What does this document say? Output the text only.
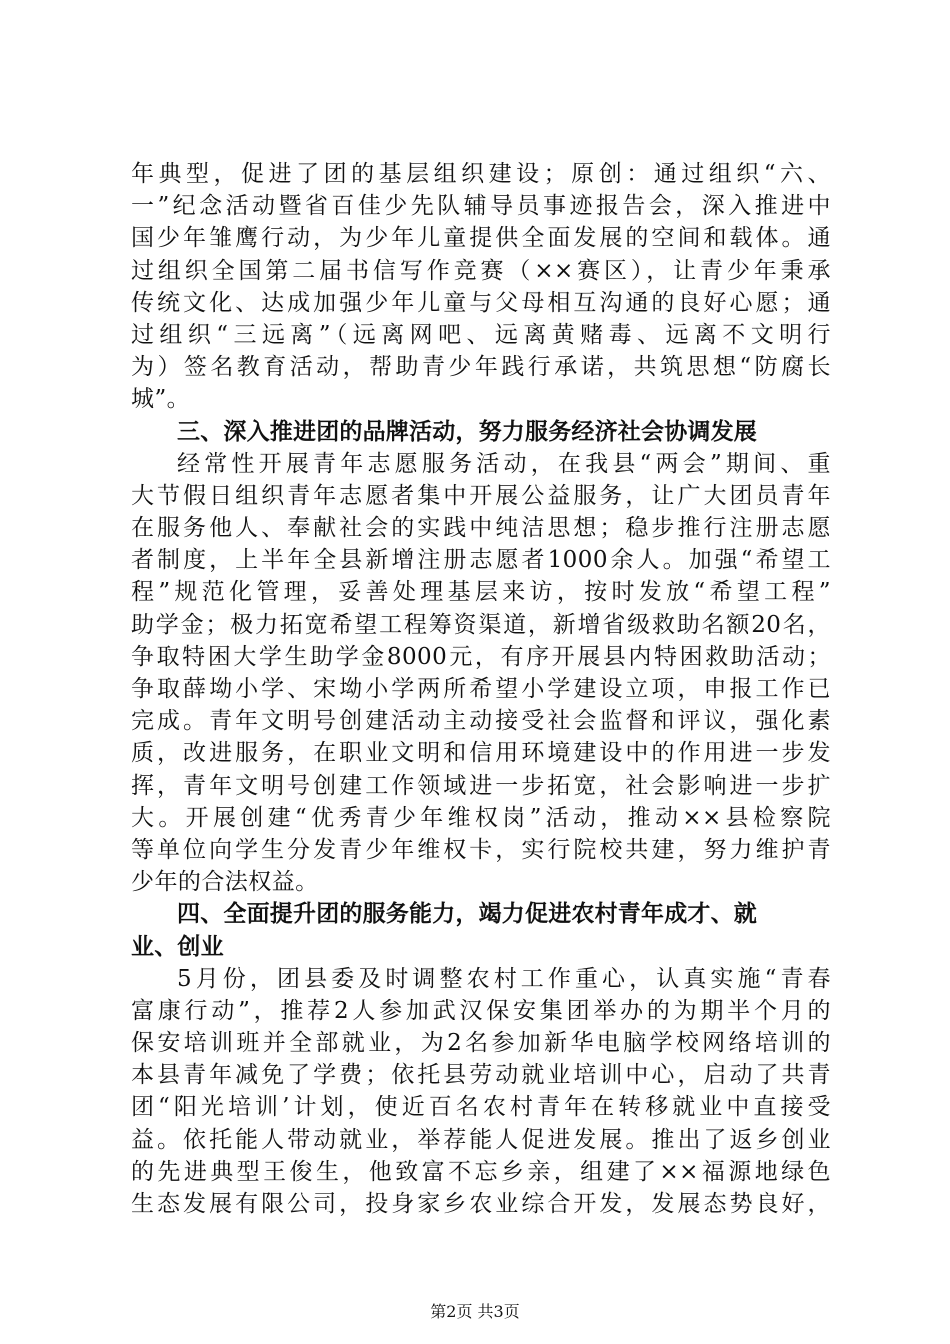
年典型，促进了团的基层组织建设；原创：通过组织“六、
一”纪念活动暨省百佳少先队辅导员事迹报告会，深入推进中
国少年雏鹰行动，为少年儿童提供全面发展的空间和载体。通
过组织全国第二届书信写作竞赛（××赛区），让青少年秉承
传统文化、达成加强少年儿童与父母相互沟通的良好心愿；通
过组织“三远离”（远离网吧、远离黄赌毒、远离不文明行
为）签名教育活动，帮助青少年践行承诺，共筑思想“防腐长
城”。
三、深入推进团的品牌活动，努力服务经济社会协调发展
经常性开展青年志愿服务活动，在我县“两会”期间、重
大节假日组织青年志愿者集中开展公益服务，让广大团员青年
在服务他人、奉献社会的实践中纯洁思想；稳步推行注册志愿
者制度，上半年全县新增注册志愿者1000余人。加强“希望工
程”规范化管理，妥善处理基层来访，按时发放“希望工程”
助学金；极力拓宽希望工程筹资渠道，新增省级救助名额20名，
争取特困大学生助学金8000元，有序开展县内特困救助活动；
争取薛坳小学、宋坳小学两所希望小学建设立项，申报工作已
完成。青年文明号创建活动主动接受社会监督和评议，强化素
质，改进服务，在职业文明和信用环境建设中的作用进一步发
挥，青年文明号创建工作领域进一步拓宽，社会影响进一步扩
大。开展创建“优秀青少年维权岗”活动，推动××县检察院
等单位向学生分发青少年维权卡，实行院校共建，努力维护青
少年的合法权益。
四、全面提升团的服务能力，竭力促进农村青年成才、就
业、创业
5月份，团县委及时调整农村工作重心，认真实施“青春
富康行动”，推荐2人参加武汉保安集团举办的为期半个月的
保安培训班并全部就业，为2名参加新华电脑学校网络培训的
本县青年减免了学费；依托县劳动就业培训中心，启动了共青
团“阳光培训’计划，使近百名农村青年在转移就业中直接受
益。依托能人带动就业，举荐能人促进发展。推出了返乡创业
的先进典型王俊生，他致富不忘乡亲，组建了××福源地绿色
生态发展有限公司，投身家乡农业综合开发，发展态势良好，
第2页 共3页
